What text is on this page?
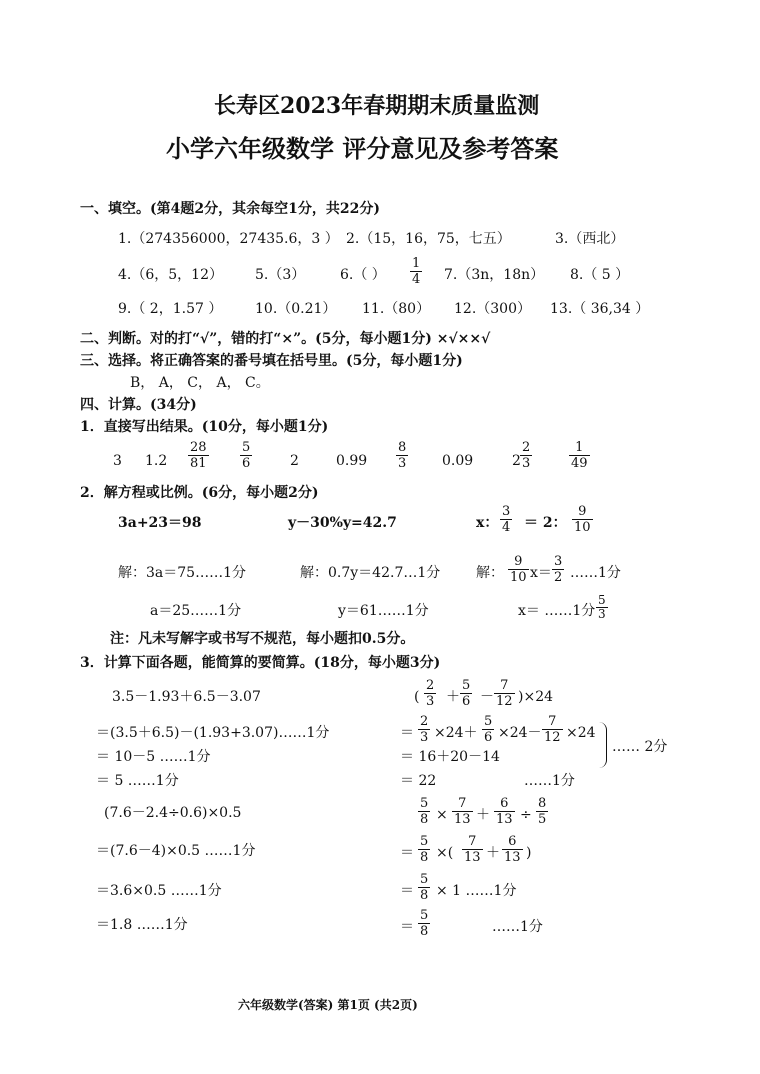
长寿区2023年春期期末质量监测
小学六年级数学 评分意见及参考答案
一、填空。(第4题2分，其余每空1分，共22分)
1.（274356000，27435.6，3 ） 2.（15，16，75，七五）	3.（西北）
4.（6，5，12） 5.（3） 6.（ ） $\frac{1}{4} 7.(3n$，18n） 8.（ 5 ）
9.（ 2，1.57 ） 10.（0.21） 11.（80） 12.（300） 13.（ 36,34 ）
二、判断。对的打“√”，错的打“×”。(5分，每小题1分) ×√××√
三、选择。将正确答案的番号填在括号里。(5分，每小题1分)
B， A， C， A， C。
四、计算。(34分)
1．直接写出结果。(10分，每小题1分)
3 $1.2 \frac{28}{81} \frac{5}{6}$	2	$0.99 \frac{8}{3} 0.09$	$2 \frac{2}{3}$	$\frac{1}{49}$
2．解方程或比例。(6分，每小题2分)
3a+23＝98	y－30%y=42.7	x： $\frac{3}{4} = 2$： $\frac{9}{10}$
解：3a＝75……1分	解：0.7y＝42.7…1分	解： $\frac{9}{10} x= \frac{3}{2}$ ……1分
a＝25……1分	y＝61……1分	x＝ ……1分 $\frac{5}{3}$
注：凡未写解字或书写不规范，每小题扣0.5分。
3．计算下面各题，能简算的要简算。(18分，每小题3分)
3.5－1.93＋6.5－3.07
＝(3.5＋6.5)－(1.93+3.07)……1分
＝ 10－5 ……1分
＝ 5 ……1分
(7.6－2.4÷0.6)×0.5
＝(7.6－4)×0.5 ……1分
＝3.6×0.5 ……1分
＝1.8 ……1分
( $\frac{2}{3} + \frac{5}{6} - \frac{7}{12} )\times 24$
＝ $\frac{2}{3} \times 24+ \frac{5}{6} \times 24- \frac{7}{12} \times 24$
＝ 16＋20－14
＝ 22	……1分
…… 2分
$\frac{5}{8} \times \frac{7}{13} + \frac{6}{13} \div \frac{8}{5}$
＝ $\frac{5}{8}$ ×( $\frac{7}{13} + \frac{6}{13}$ )
＝ $\frac{5}{8} \times 1$ ……1分
＝ $\frac{5}{8}$	……1分
六年级数学(答案) 第1页 (共2页)
